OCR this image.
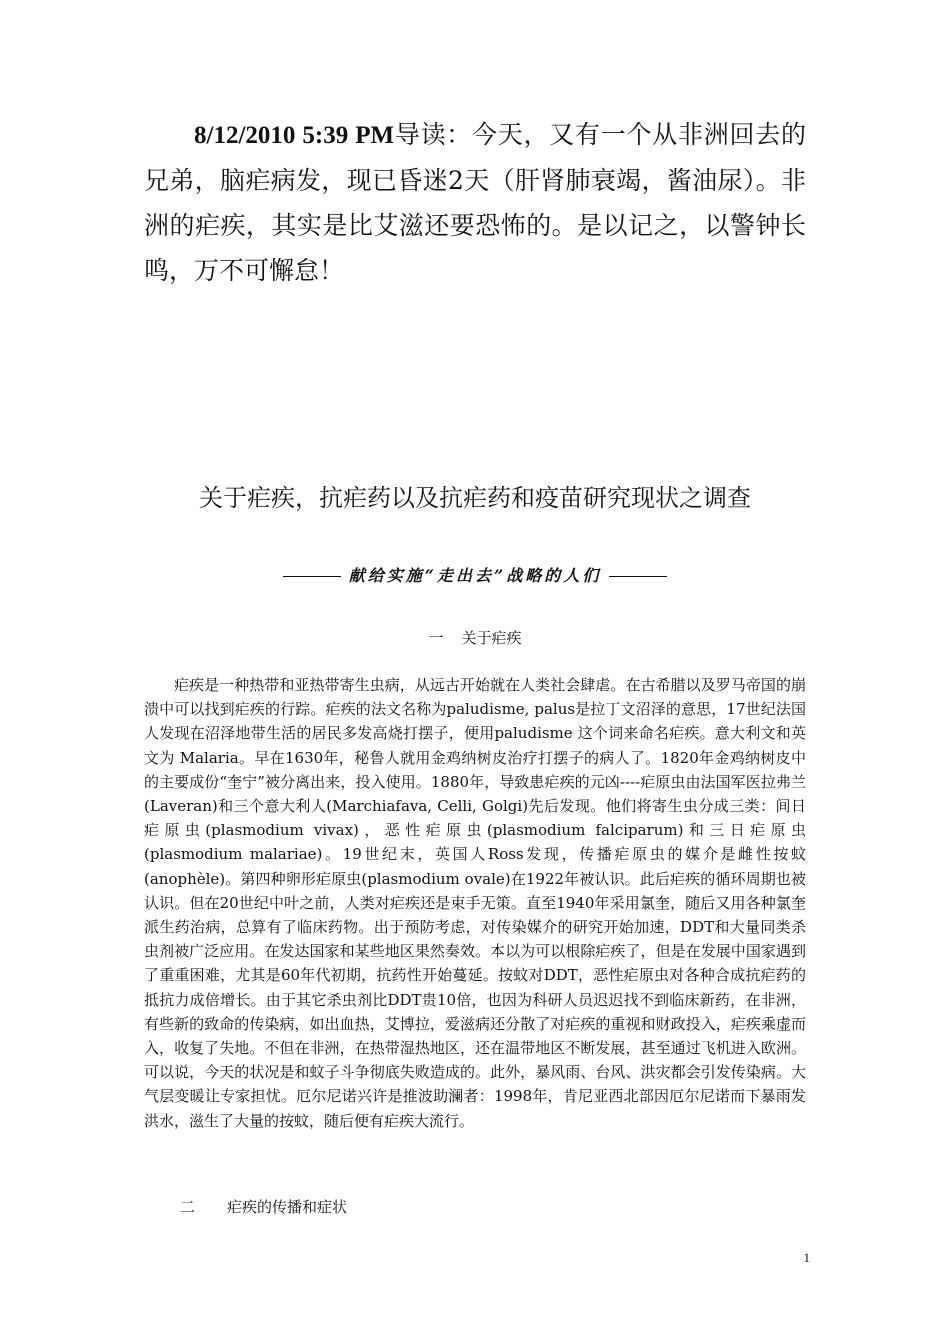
8/12/2010 5:39 PM导读：今天，又有一个从非洲回去的兄弟，脑疟病发，现已昏迷2天（肝肾肺衰竭，酱油尿）。非洲的疟疾，其实是比艾滋还要恐怖的。是以记之，以警钟长鸣，万不可懈怠！

关于疟疾，抗疟药以及抗疟药和疫苗研究现状之调查

献给实施“走出去”战略的人们

一 关于疟疾

疟疾是一种热带和亚热带寄生虫病，从远古开始就在人类社会肆虐。在古希腊以及罗马帝国的崩溃中可以找到疟疾的行踪。疟疾的法文名称为paludisme, palus是拉丁文沼泽的意思，17世纪法国人发现在沼泽地带生活的居民多发高烧打摆子，便用paludisme 这个词来命名疟疾。意大利文和英文为 Malaria。早在1630年，秘鲁人就用金鸡纳树皮治疗打摆子的病人了。1820年金鸡纳树皮中的主要成份“奎宁”被分离出来，投入使用。1880年，导致患疟疾的元凶----疟原虫由法国军医拉弗兰(Laveran)和三个意大利人(Marchiafava, Celli, Golgi)先后发现。他们将寄生虫分成三类：间日疟原虫(plasmodium vivax)，恶性疟原虫(plasmodium falciparum)和三日疟原虫(plasmodium malariae)。19世纪末，英国人Ross发现，传播疟原虫的媒介是雌性按蚊(anophèle)。第四种卵形疟原虫(plasmodium ovale)在1922年被认识。此后疟疾的循环周期也被认识。但在20世纪中叶之前，人类对疟疾还是束手无策。直至1940年采用氯奎，随后又用各种氯奎派生药治病，总算有了临床药物。出于预防考虑，对传染媒介的研究开始加速，DDT和大量同类杀虫剂被广泛应用。在发达国家和某些地区果然奏效。本以为可以根除疟疾了，但是在发展中国家遇到了重重困难，尤其是60年代初期，抗药性开始蔓延。按蚊对DDT，恶性疟原虫对各种合成抗疟药的抵抗力成倍增长。由于其它杀虫剂比DDT贵10倍，也因为科研人员迟迟找不到临床新药，在非洲，有些新的致命的传染病，如出血热，艾博拉，爱滋病还分散了对疟疾的重视和财政投入，疟疾乘虚而入，收复了失地。不但在非洲，在热带湿热地区，还在温带地区不断发展，甚至通过飞机进入欧洲。可以说，今天的状况是和蚊子斗争彻底失败造成的。此外，暴风雨、台风、洪灾都会引发传染病。大气层变暖让专家担忧。厄尔尼诺兴许是推波助澜者：1998年，肯尼亚西北部因厄尔尼诺而下暴雨发洪水，滋生了大量的按蚊，随后便有疟疾大流行。

二 疟疾的传播和症状
1
